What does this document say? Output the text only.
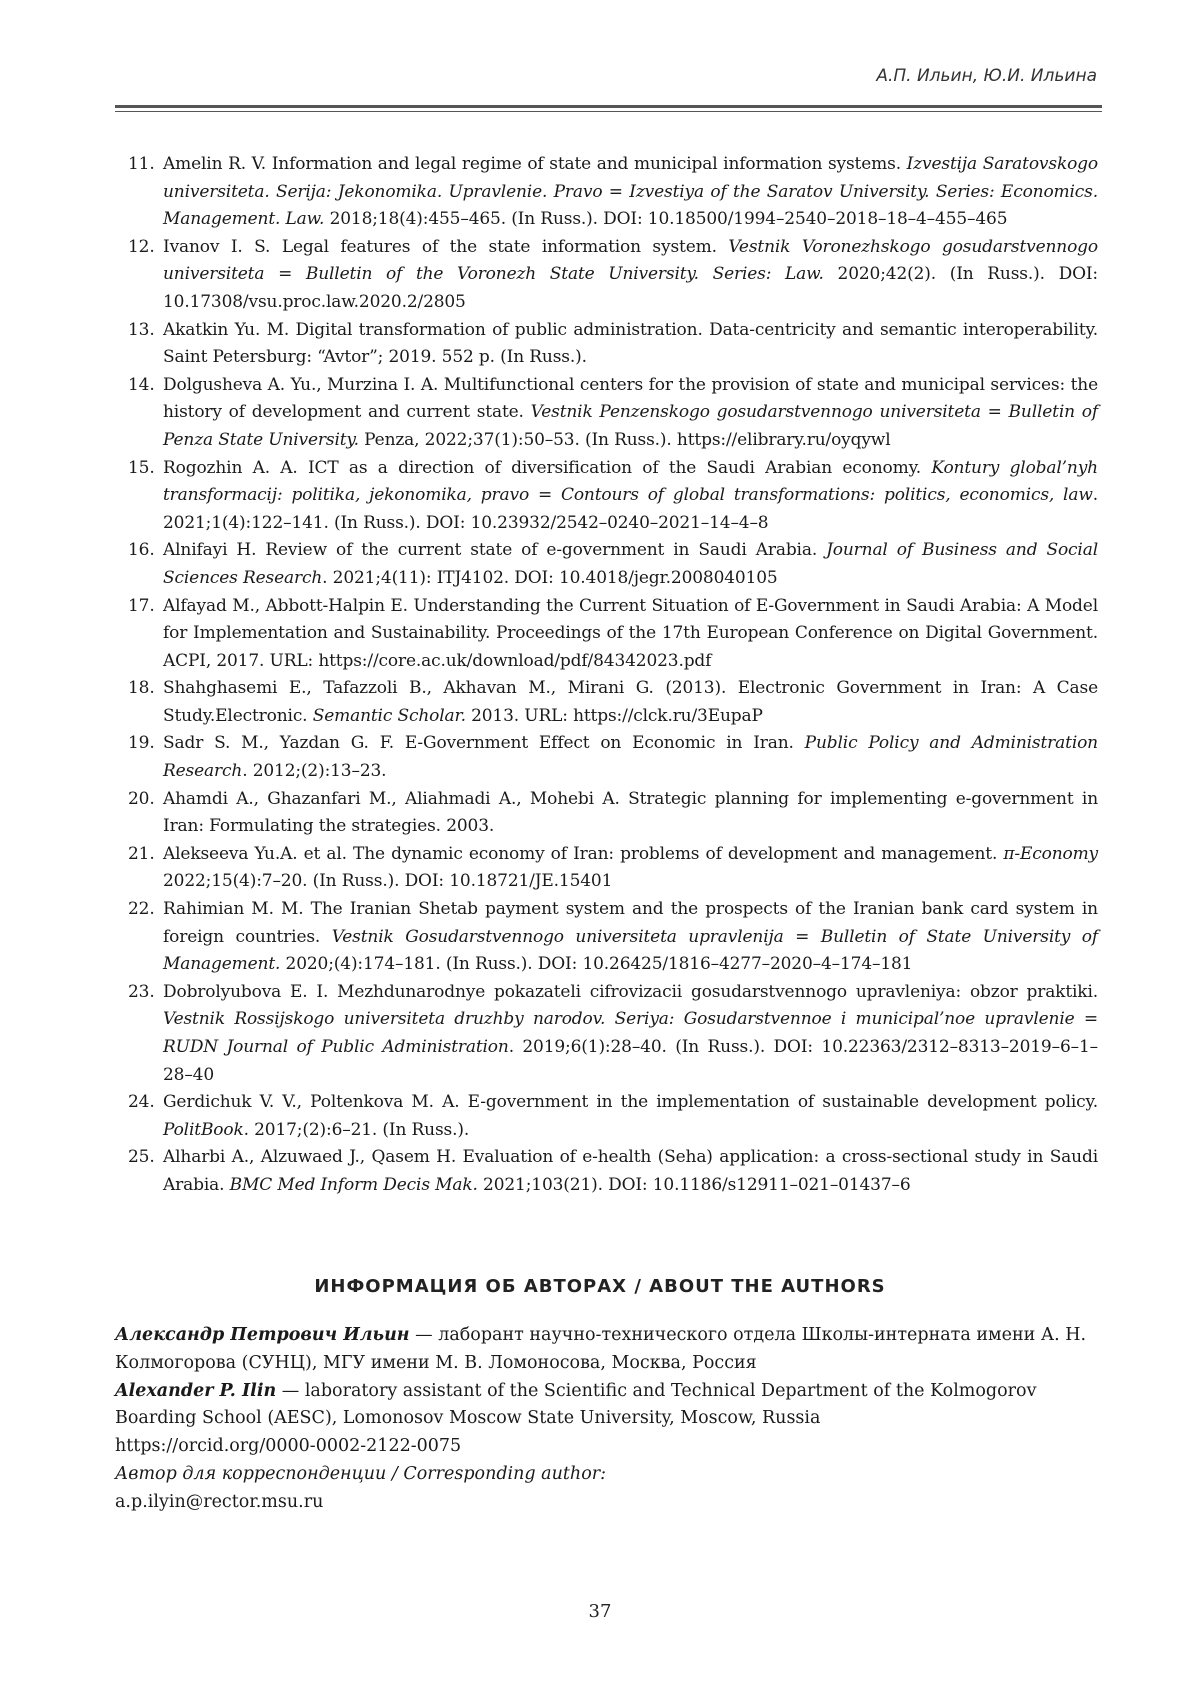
А.П. Ильин, Ю.И. Ильина
11. Amelin R. V. Information and legal regime of state and municipal information systems. Izvestija Saratovskogo universiteta. Serija: Jekonomika. Upravlenie. Pravo = Izvestiya of the Saratov University. Series: Economics. Management. Law. 2018;18(4):455–465. (In Russ.). DOI: 10.18500/1994–2540–2018–18–4–455–465
12. Ivanov I. S. Legal features of the state information system. Vestnik Voronezhskogo gosudarstvennogo universiteta = Bulletin of the Voronezh State University. Series: Law. 2020;42(2). (In Russ.). DOI: 10.17308/vsu.proc.law.2020.2/2805
13. Akatkin Yu. M. Digital transformation of public administration. Data-centricity and semantic interoperability. Saint Petersburg: “Avtor”; 2019. 552 p. (In Russ.).
14. Dolgusheva A. Yu., Murzina I. A. Multifunctional centers for the provision of state and municipal services: the history of development and current state. Vestnik Penzenskogo gosudarstvennogo universiteta = Bulletin of Penza State University. Penza, 2022;37(1):50–53. (In Russ.). https://elibrary.ru/oyqywl
15. Rogozhin A. A. ICT as a direction of diversification of the Saudi Arabian economy. Kontury global’nyh transformacij: politika, jekonomika, pravo = Contours of global transformations: politics, economics, law. 2021;1(4):122–141. (In Russ.). DOI: 10.23932/2542–0240–2021–14–4–8
16. Alnifayi H. Review of the current state of e-government in Saudi Arabia. Journal of Business and Social Sciences Research. 2021;4(11): ITJ4102. DOI: 10.4018/jegr.2008040105
17. Alfayad M., Abbott-Halpin E. Understanding the Current Situation of E-Government in Saudi Arabia: A Model for Implementation and Sustainability. Proceedings of the 17th European Conference on Digital Government. ACPI, 2017. URL: https://core.ac.uk/download/pdf/84342023.pdf
18. Shahghasemi E., Tafazzoli B., Akhavan M., Mirani G. (2013). Electronic Government in Iran: A Case Study.Electronic. Semantic Scholar. 2013. URL: https://clck.ru/3EupaP
19. Sadr S. M., Yazdan G. F. E-Government Effect on Economic in Iran. Public Policy and Administration Research. 2012;(2):13–23.
20. Ahamdi A., Ghazanfari M., Aliahmadi A., Mohebi A. Strategic planning for implementing e-government in Iran: Formulating the strategies. 2003.
21. Alekseeva Yu.A. et al. The dynamic economy of Iran: problems of development and management. π-Economy 2022;15(4):7–20. (In Russ.). DOI: 10.18721/JE.15401
22. Rahimian M. M. The Iranian Shetab payment system and the prospects of the Iranian bank card system in foreign countries. Vestnik Gosudarstvennogo universiteta upravlenija = Bulletin of State University of Management. 2020;(4):174–181. (In Russ.). DOI: 10.26425/1816–4277–2020–4–174–181
23. Dobrolyubova E. I. Mezhdunarodnye pokazateli cifrovizacii gosudarstvennogo upravleniya: obzor praktiki. Vestnik Rossijskogo universiteta druzhby narodov. Seriya: Gosudarstvennoe i municipal’noe upravlenie = RUDN Journal of Public Administration. 2019;6(1):28–40. (In Russ.). DOI: 10.22363/2312–8313–2019–6–1–28–40
24. Gerdichuk V. V., Poltenkova M. A. E-government in the implementation of sustainable development policy. PolitBook. 2017;(2):6–21. (In Russ.).
25. Alharbi A., Alzuwaed J., Qasem H. Evaluation of e-health (Seha) application: a cross-sectional study in Saudi Arabia. BMC Med Inform Decis Mak. 2021;103(21). DOI: 10.1186/s12911–021–01437–6
ИНФОРМАЦИЯ ОБ АВТОРАХ / ABOUT THE AUTHORS
Александр Петрович Ильин — лаборант научно-технического отдела Школы-интерната имени А. Н. Колмогорова (СУНЦ), МГУ имени М. В. Ломоносова, Москва, Россия
Alexander P. Ilin — laboratory assistant of the Scientific and Technical Department of the Kolmogorov Boarding School (AESC), Lomonosov Moscow State University, Moscow, Russia
https://orcid.org/0000-0002-2122-0075
Автор для корреспонденции / Corresponding author:
a.p.ilyin@rector.msu.ru
37
